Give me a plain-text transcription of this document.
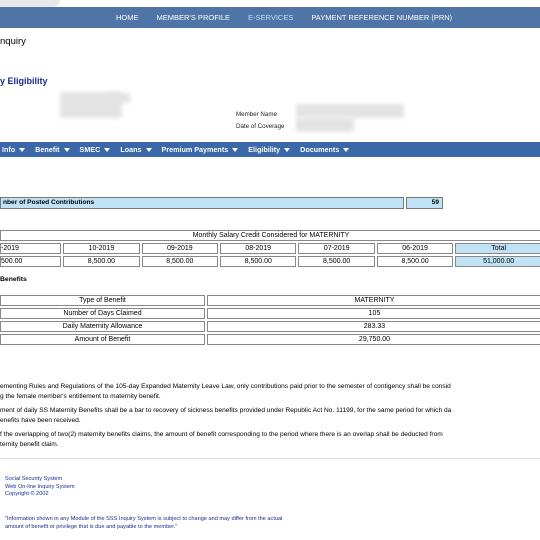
HOME MEMBER'S PROFILE E-SERVICES PAYMENT REFERENCE NUMBER (PRN)
nquiry
y Eligibility
Member Name
Date of Coverage
Info	Benefit	SMEC	Loans	Premium Payments	Eligibility	Documents
nber of Posted Contributions	59
Monthly Salary Credit Considered for MATERNITY						
-2019	10-2019	09-2019	08-2019	07-2019	06-2019	Total
500.00	8,500.00	8,500.00	8,500.00	8,500.00	8,500.00	51,000.00
Benefits
Type of Benefit	MATERNITY
Number of Days Claimed	105
Daily Maternity Allowance	283.33
Amount of Benefit	29,750.00

ementing Rules and Regulations of the 105-day Expanded Maternity Leave Law, only contributions paid prior to the semester of contigency shall be consid

g the female member's entitlement to maternity benefit.

ment of daily SS Maternity Benefits shall be a bar to recovery of sickness benefits provided under Republic Act No. 11199, for the same period for which da

enefits have been received.

f the overlapping of two(2) maternity benefits claims, the amount of benefit corresponding to the period where there is an overlap shall be deducted from

ternity benefit claim.

Social Security System
Web On-line Inquiry System
Copyright © 2002
"Information shown in any Module of the SSS Inquiry System is subject to change and may differ from the actual
amount of benefit or privilege that is due and payable to the member."
